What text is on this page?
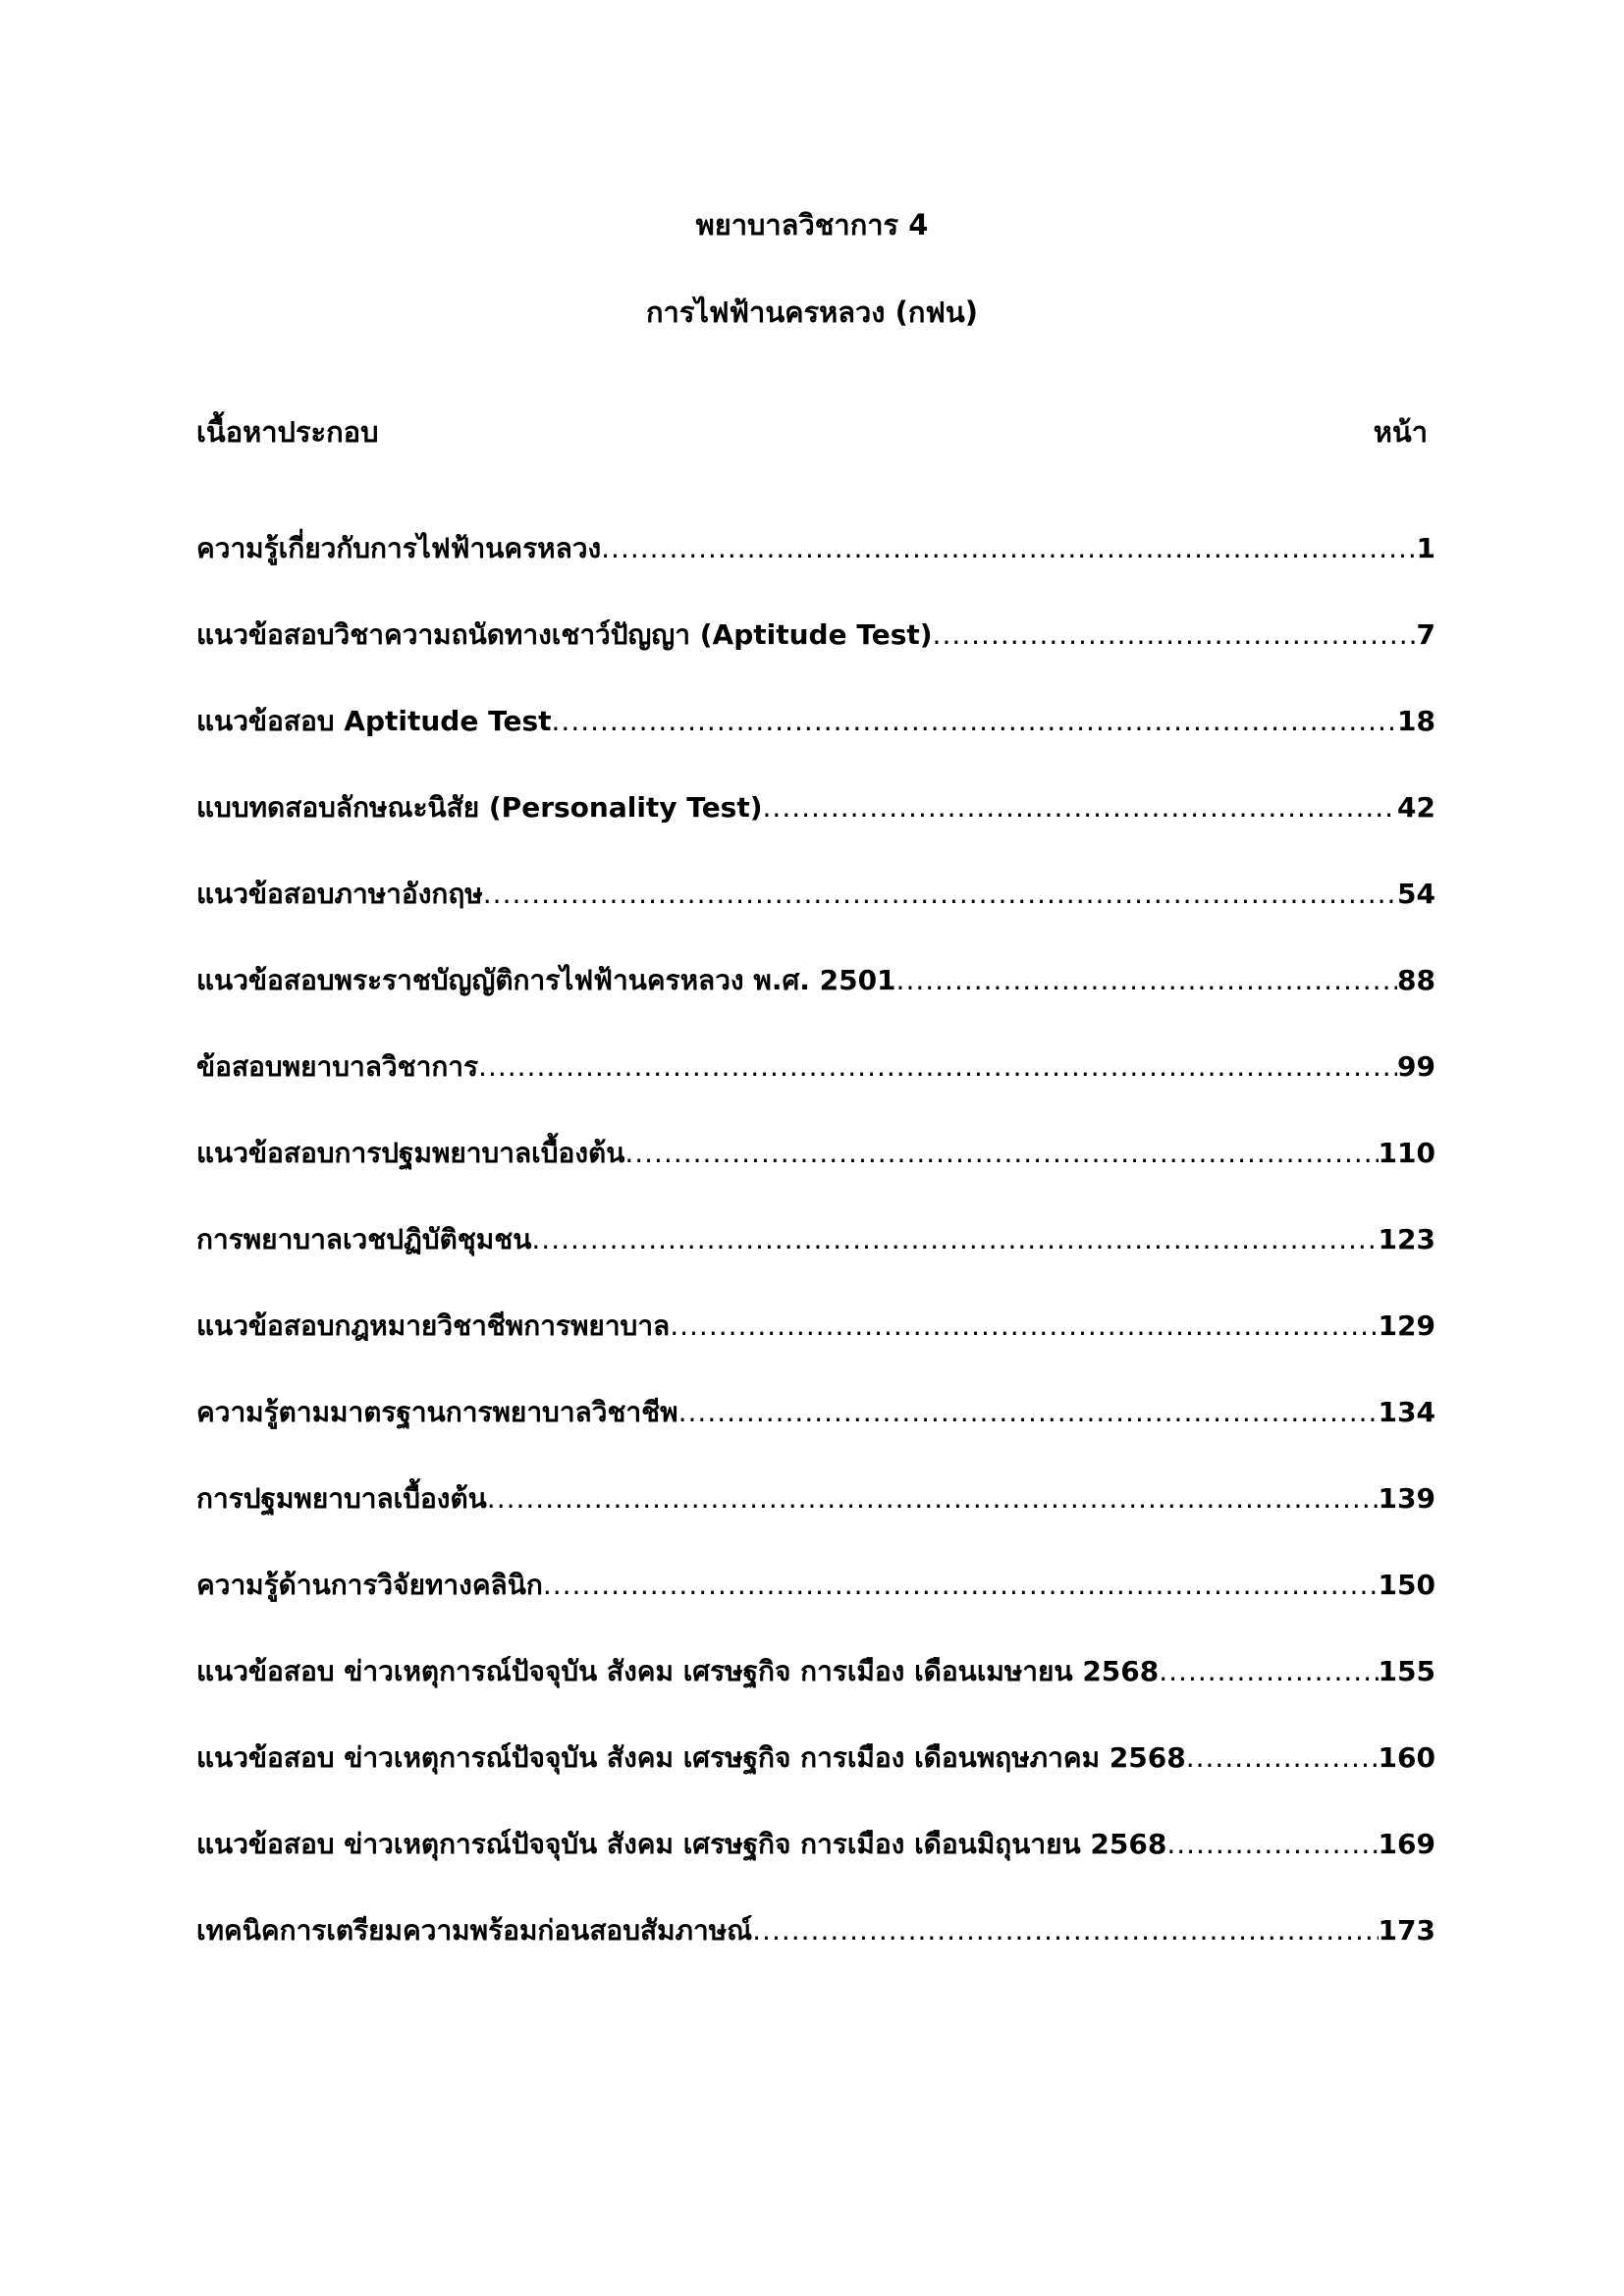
พยาบาลวิชาการ 4
การไฟฟ้านครหลวง (กฟน)
เนื้อหาประกอบ	หน้า
ความรู้เกี่ยวกับการไฟฟ้านครหลวง .....	1
แนวข้อสอบวิชาความถนัดทางเชาว์ปัญญา (Aptitude Test) .....	7
แนวข้อสอบ Aptitude Test .....	18
แบบทดสอบลักษณะนิสัย (Personality Test) .....	42
แนวข้อสอบภาษาอังกฤษ .....	54
แนวข้อสอบพระราชบัญญัติการไฟฟ้านครหลวง พ.ศ. 2501 .....	88
ข้อสอบพยาบาลวิชาการ .....	99
แนวข้อสอบการปฐมพยาบาลเบื้องต้น .....	110
การพยาบาลเวชปฏิบัติชุมชน .....	123
แนวข้อสอบกฎหมายวิชาชีพการพยาบาล .....	129
ความรู้ตามมาตรฐานการพยาบาลวิชาชีพ .....	134
การปฐมพยาบาลเบื้องต้น .....	139
ความรู้ด้านการวิจัยทางคลินิก .....	150
แนวข้อสอบ ข่าวเหตุการณ์ปัจจุบัน สังคม เศรษฐกิจ การเมือง เดือนเมษายน 2568 .....	155
แนวข้อสอบ ข่าวเหตุการณ์ปัจจุบัน สังคม เศรษฐกิจ การเมือง เดือนพฤษภาคม 2568 .....	160
แนวข้อสอบ ข่าวเหตุการณ์ปัจจุบัน สังคม เศรษฐกิจ การเมือง เดือนมิถุนายน 2568 .....	169
เทคนิคการเตรียมความพร้อมก่อนสอบสัมภาษณ์ .....	173
